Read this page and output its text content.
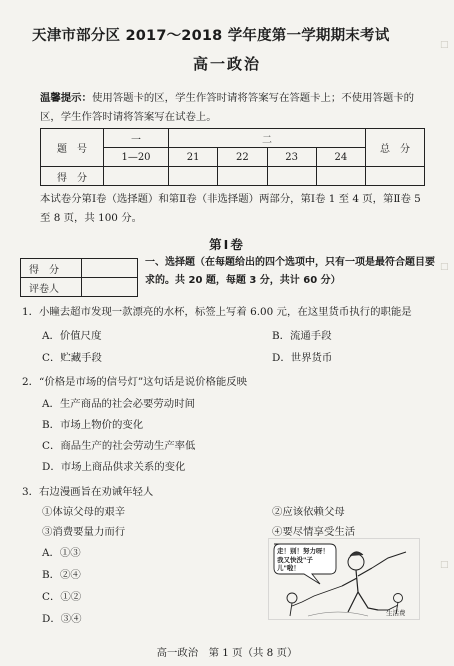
□
□
□
天津市部分区 2017～2018 学年度第一学期期末考试
高一政治
温馨提示：使用答题卡的区，学生作答时请将答案写在答题卡上；不使用答题卡的区，学生作答时请将答案写在试卷上。
题　号	一	二				总　分
	1—20	21	22	23	24	
得　分						
本试卷分第Ⅰ卷（选择题）和第Ⅱ卷（非选择题）两部分，第Ⅰ卷 1 至 4 页，第Ⅱ卷 5 至 8 页，共 100 分。
第Ⅰ卷
得　分	
评卷人	
一、选择题（在每题给出的四个选项中，只有一项是最符合题目要求的。共 20 题，每题 3 分，共计 60 分）
1．小瞳去超市发现一款漂亮的水杯，标签上写着 6.00 元，在这里货币执行的职能是
A．价值尺度	B．流通手段
C．贮藏手段	D．世界货币
2．“价格是市场的信号灯”这句话是说价格能反映
A．生产商品的社会必要劳动时间
B．市场上物价的变化
C．商品生产的社会劳动生产率低
D．市场上商品供求关系的变化
3．右边漫画旨在劝诫年轻人
①体谅父母的艰辛	②应该依赖父母
③消费要量力而行	④要尽情享受生活
A．①③
B．②④
C．①②
D．③④
走！别！努力呀！我又快没"子儿"啦！
生活费
高一政治　第 1 页（共 8 页）
